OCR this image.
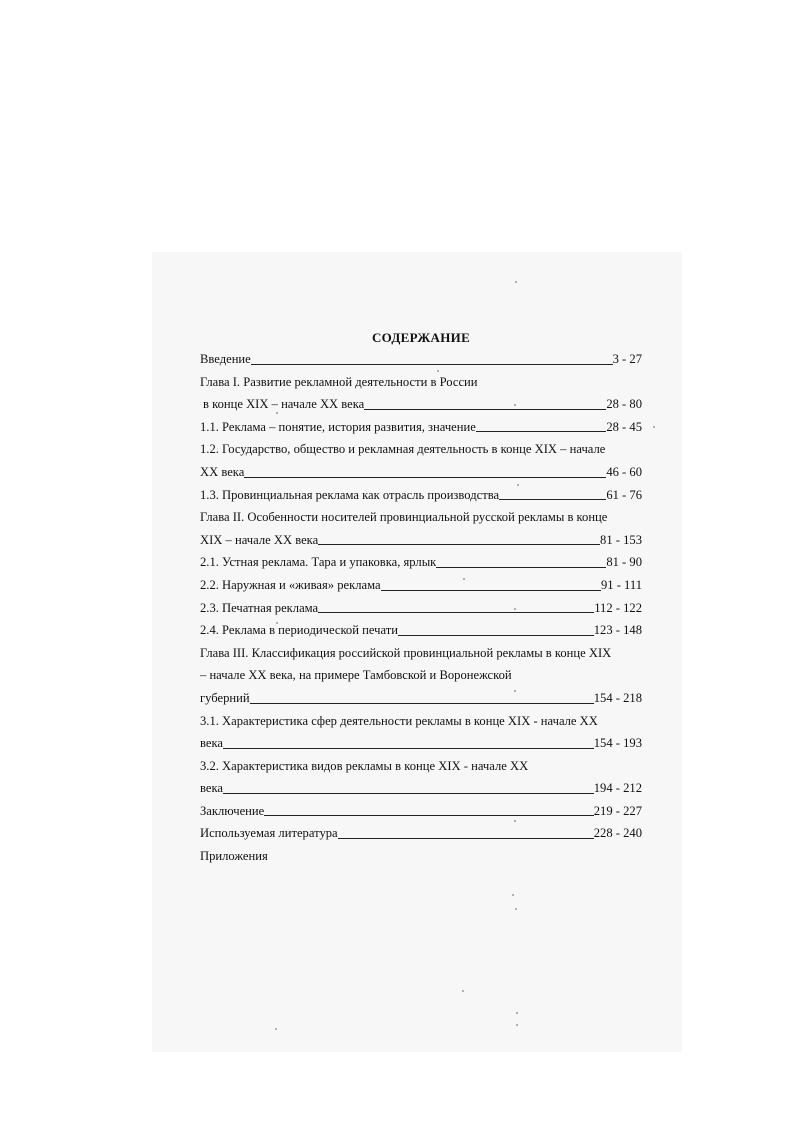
СОДЕРЖАНИЕ
Введение	3 - 27
Глава I. Развитие рекламной деятельности в России
в конце XIX – начале XX века	28 - 80
1.1. Реклама – понятие, история развития, значение	28 - 45
1.2. Государство, общество и рекламная деятельность в конце XIX – начале
XX века	46 - 60
1.3. Провинциальная реклама как отрасль производства	61 - 76
Глава II. Особенности носителей провинциальной русской рекламы в конце
XIX – начале XX века	81 - 153
2.1. Устная реклама. Тара и упаковка, ярлык	81 - 90
2.2. Наружная и «живая» реклама	91 - 111
2.3. Печатная реклама	112 - 122
2.4. Реклама в периодической печати	123 - 148
Глава III. Классификация российской провинциальной рекламы в конце XIX
– начале XX века, на примере Тамбовской и Воронежской
губерний	154 - 218
3.1. Характеристика сфер деятельности рекламы в конце XIX - начале XX
века	154 - 193
3.2. Характеристика видов рекламы в конце XIX - начале XX
века	194 - 212
Заключение	219 - 227
Используемая литература	228 - 240
Приложения
